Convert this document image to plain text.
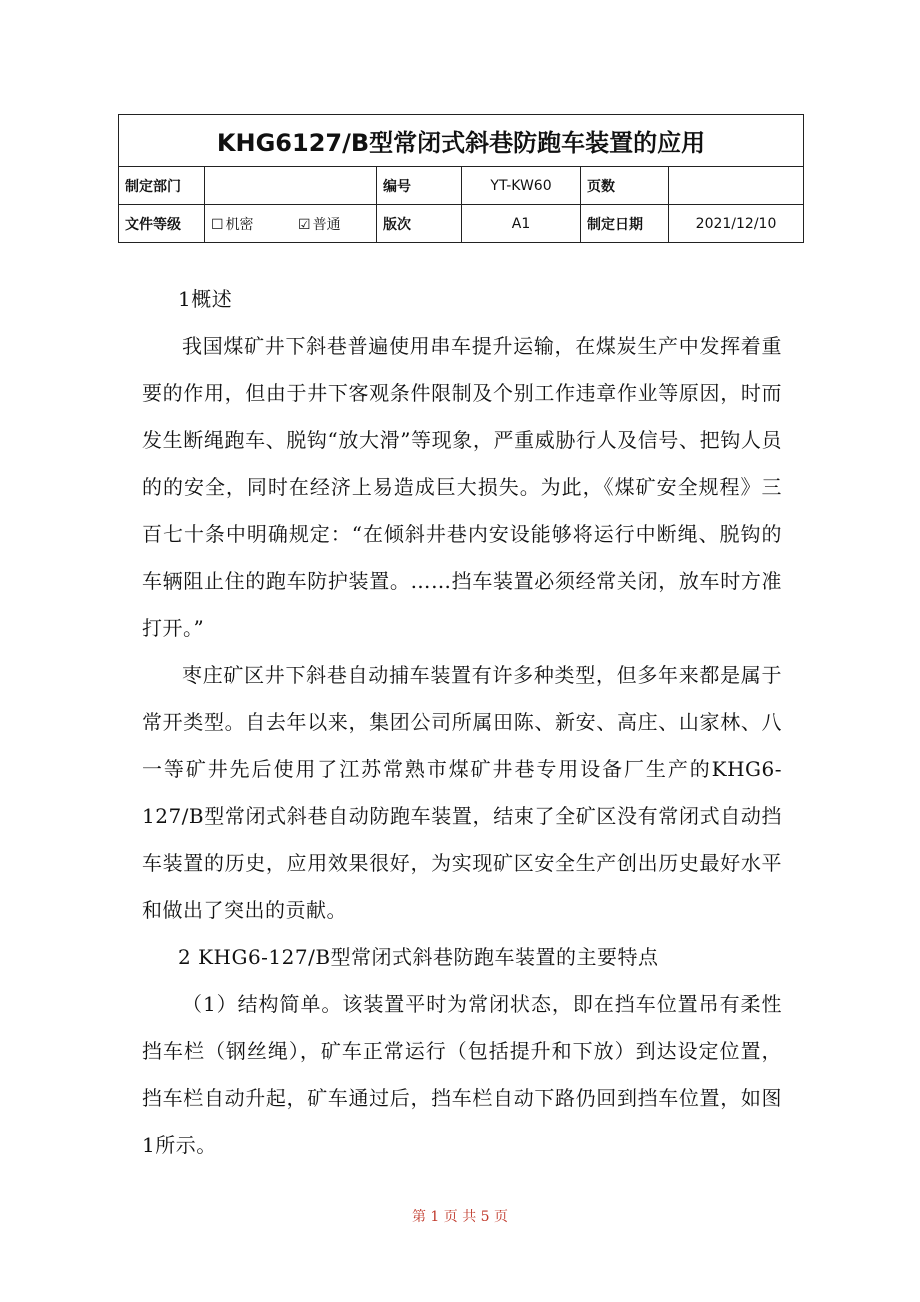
KHG6127/B型常闭式斜巷防跑车装置的应用					
制定部门		编号	YT-KW60	页数	
文件等级	☐ 机密 ☑ 普通	版次	A1	制定日期	2021/12/10

1概述

我国煤矿井下斜巷普遍使用串车提升运输，在煤炭生产中发挥着重要的作用，但由于井下客观条件限制及个别工作违章作业等原因，时而发生断绳跑车、脱钩“放大滑”等现象，严重威胁行人及信号、把钩人员的的安全，同时在经济上易造成巨大损失。为此，《煤矿安全规程》三百七十条中明确规定：“在倾斜井巷内安设能够将运行中断绳、脱钩的车辆阻止住的跑车防护装置。……挡车装置必须经常关闭，放车时方准打开。”

枣庄矿区井下斜巷自动捕车装置有许多种类型，但多年来都是属于常开类型。自去年以来，集团公司所属田陈、新安、高庄、山家林、八一等矿井先后使用了江苏常熟市煤矿井巷专用设备厂生产的KHG6-127/B型常闭式斜巷自动防跑车装置，结束了全矿区没有常闭式自动挡车装置的历史，应用效果很好，为实现矿区安全生产创出历史最好水平和做出了突出的贡献。

2 KHG6-127/B型常闭式斜巷防跑车装置的主要特点

（1）结构简单。该装置平时为常闭状态，即在挡车位置吊有柔性挡车栏（钢丝绳），矿车正常运行（包括提升和下放）到达设定位置，挡车栏自动升起，矿车通过后，挡车栏自动下路仍回到挡车位置，如图1所示。

第 1 页 共 5 页
